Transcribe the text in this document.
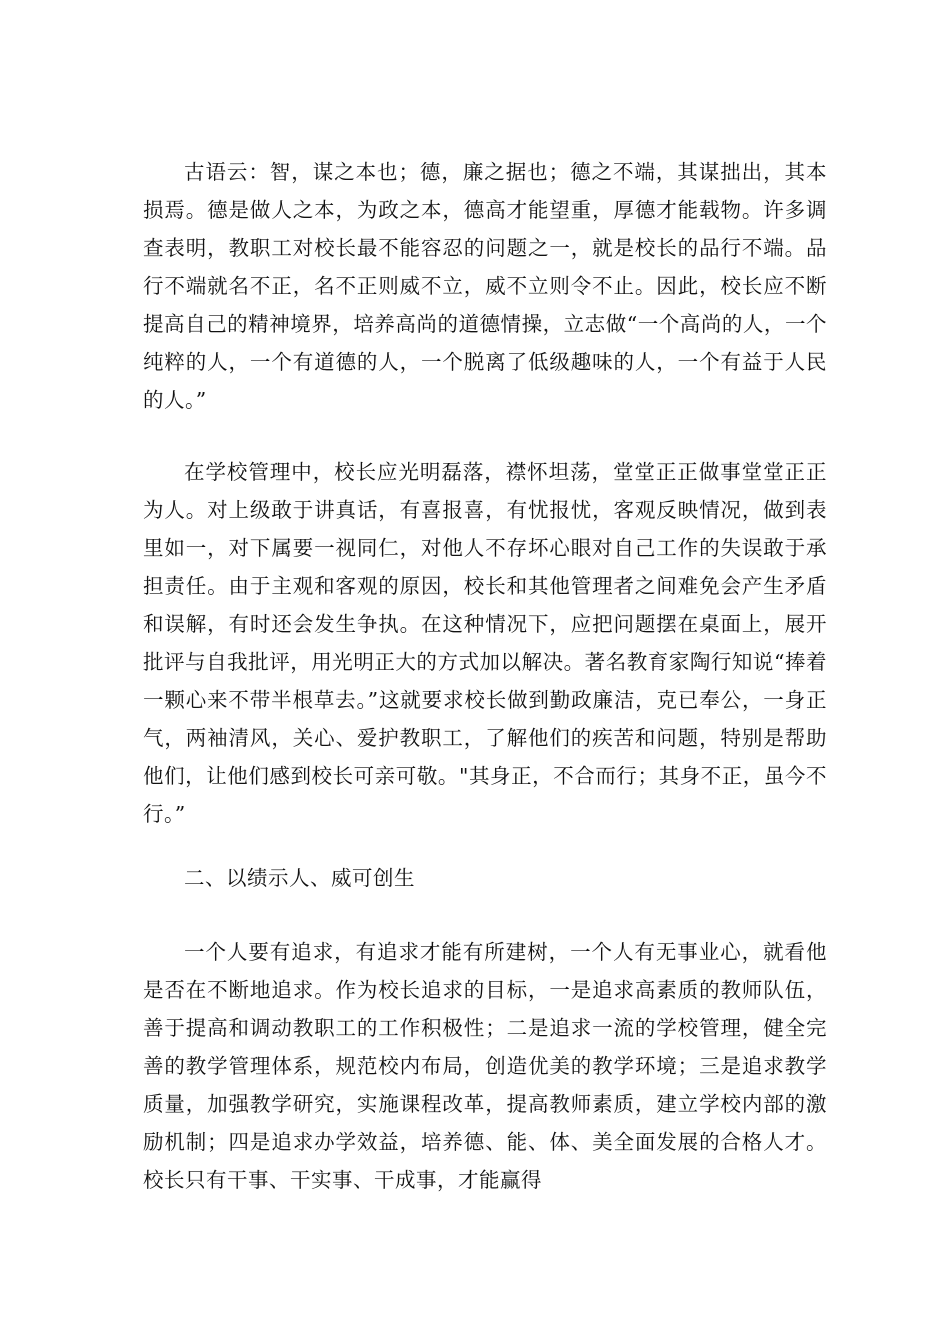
古语云：智，谋之本也；德，廉之据也；德之不端，其谋拙出，其本损焉。德是做人之本，为政之本，德高才能望重，厚德才能载物。许多调查表明，教职工对校长最不能容忍的问题之一，就是校长的品行不端。品行不端就名不正，名不正则威不立，威不立则令不止。因此，校长应不断提高自己的精神境界，培养高尚的道德情操，立志做“一个高尚的人，一个纯粹的人，一个有道德的人，一个脱离了低级趣味的人，一个有益于人民的人。”

在学校管理中，校长应光明磊落，襟怀坦荡，堂堂正正做事堂堂正正为人。对上级敢于讲真话，有喜报喜，有忧报忧，客观反映情况，做到表里如一，对下属要一视同仁，对他人不存坏心眼对自己工作的失误敢于承担责任。由于主观和客观的原因，校长和其他管理者之间难免会产生矛盾和误解，有时还会发生争执。在这种情况下，应把问题摆在桌面上，展开批评与自我批评，用光明正大的方式加以解决。著名教育家陶行知说“捧着一颗心来不带半根草去。”这就要求校长做到勤政廉洁，克已奉公，一身正气，两袖清风，关心、爱护教职工，了解他们的疾苦和问题，特别是帮助他们，让他们感到校长可亲可敬。"其身正，不合而行；其身不正，虽今不行。”

二、以绩示人、威可创生

一个人要有追求，有追求才能有所建树，一个人有无事业心，就看他是否在不断地追求。作为校长追求的目标，一是追求高素质的教师队伍，善于提高和调动教职工的工作积极性；二是追求一流的学校管理，健全完善的教学管理体系，规范校内布局，创造优美的教学环境；三是追求教学质量，加强教学研究，实施课程改革，提高教师素质，建立学校内部的激励机制；四是追求办学效益，培养德、能、体、美全面发展的合格人才。校长只有干事、干实事、干成事，才能赢得
